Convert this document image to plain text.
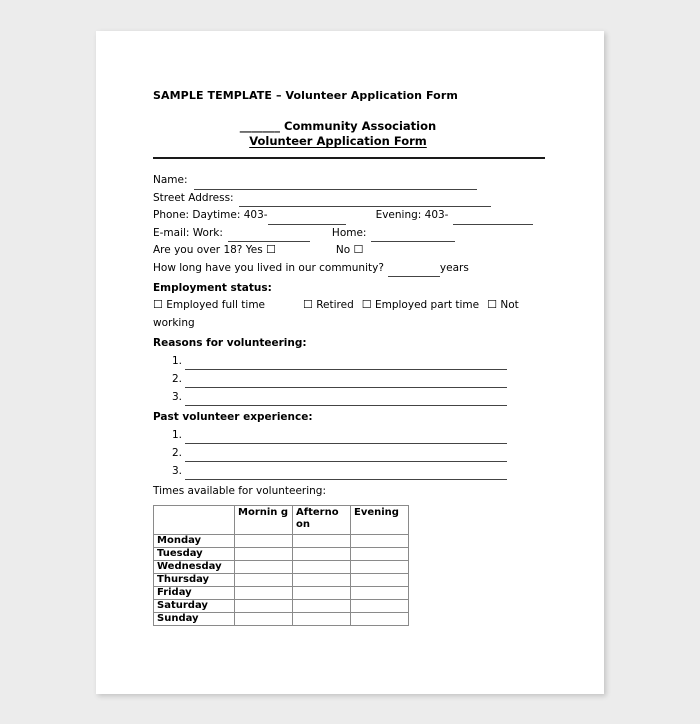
SAMPLE TEMPLATE – Volunteer Application Form
_______ Community Association
Volunteer Application Form
Name:
Street Address:
Phone: Daytime: 403-	Evening: 403-
E-mail: Work:	Home:
Are you over 18? Yes ☐	No ☐
How long have you lived in our community?	years
Employment status:
☐ Employed full time	☐ Retired ☐ Employed part time ☐ Not working
Reasons for volunteering:
1.
2.
3.
Past volunteer experience:
1.
2.
3.
Times available for volunteering:
	Mornin g	Afterno on	Evening
Monday			
Tuesday			
Wednesday			
Thursday			
Friday			
Saturday			
Sunday			
